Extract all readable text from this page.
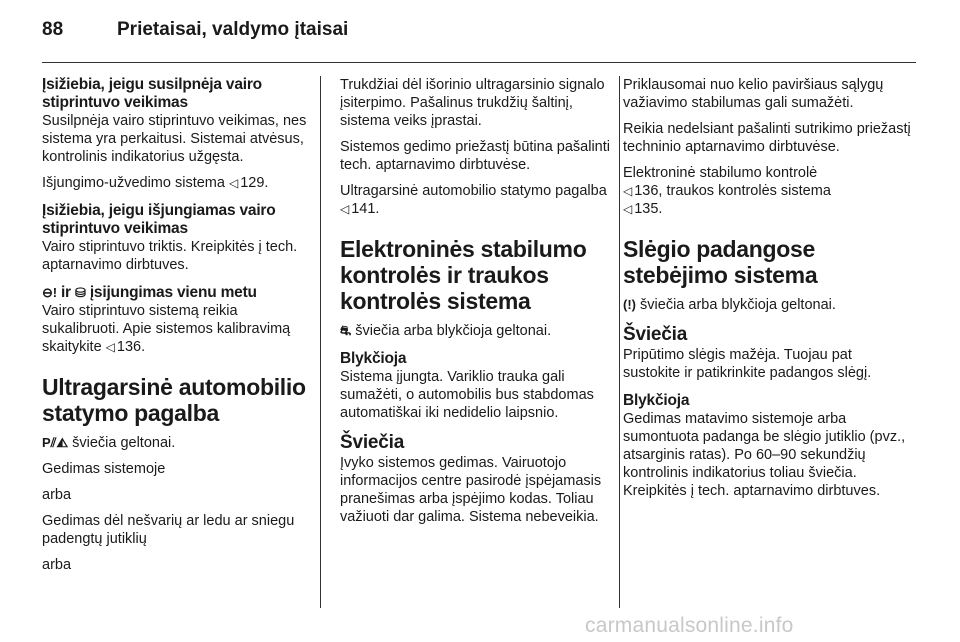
88	Prietaisai, valdymo įtaisai
Įsižiebia, jeigu susilpnėja vairo stiprintuvo veikimas

Susilpnėja vairo stiprintuvo veikimas, nes sistema yra perkaitusi. Sistemai atvėsus, kontrolinis indikatorius užgęsta.

Išjungimo-užvedimo sistema ◁ 129.

Įsižiebia, jeigu išjungiamas vairo stiprintuvo veikimas

Vairo stiprintuvo triktis. Kreipkitės į tech. aptarnavimo dirbtuves.

⊖! ir ⛁ įsijungimas vienu metu

Vairo stiprintuvo sistemą reikia sukalibruoti. Apie sistemos kalibravimą skaitykite ◁ 136.

Ultragarsinė automobilio statymo pagalba

P⫽◭ šviečia geltonai.

Gedimas sistemoje

arba

Gedimas dėl nešvarių ar ledu ar sniegu padengtų jutiklių

arba

Trukdžiai dėl išorinio ultragarsinio signalo įsiterpimo. Pašalinus trukdžių šaltinį, sistema veiks įprastai.

Sistemos gedimo priežastį būtina pašalinti tech. aptarnavimo dirbtuvėse.

Ultragarsinė automobilio statymo pagalba ◁ 141.

Elektroninės stabilumo kontrolės ir traukos kontrolės sistema

⛐ šviečia arba blykčioja geltonai.

Blykčioja

Sistema įjungta. Variklio trauka gali sumažėti, o automobilis bus stabdomas automatiškai iki nedidelio laipsnio.

Šviečia

Įvyko sistemos gedimas. Vairuotojo informacijos centre pasirodė įspėjamasis pranešimas arba įspėjimo kodas. Toliau važiuoti dar galima. Sistema nebeveikia.

Priklausomai nuo kelio paviršiaus sąlygų važiavimo stabilumas gali sumažėti.

Reikia nedelsiant pašalinti sutrikimo priežastį techninio aptarnavimo dirbtuvėse.

Elektroninė stabilumo kontrolė
◁ 136, traukos kontrolės sistema
◁ 135.

Slėgio padangose stebėjimo sistema

(!) šviečia arba blykčioja geltonai.

Šviečia

Pripūtimo slėgis mažėja. Tuojau pat sustokite ir patikrinkite padangos slėgį.

Blykčioja

Gedimas matavimo sistemoje arba sumontuota padanga be slėgio jutiklio (pvz., atsarginis ratas). Po 60–90 sekundžių kontrolinis indikatorius toliau šviečia. Kreipkitės į tech. aptarnavimo dirbtuves.

carmanualsonline.info
